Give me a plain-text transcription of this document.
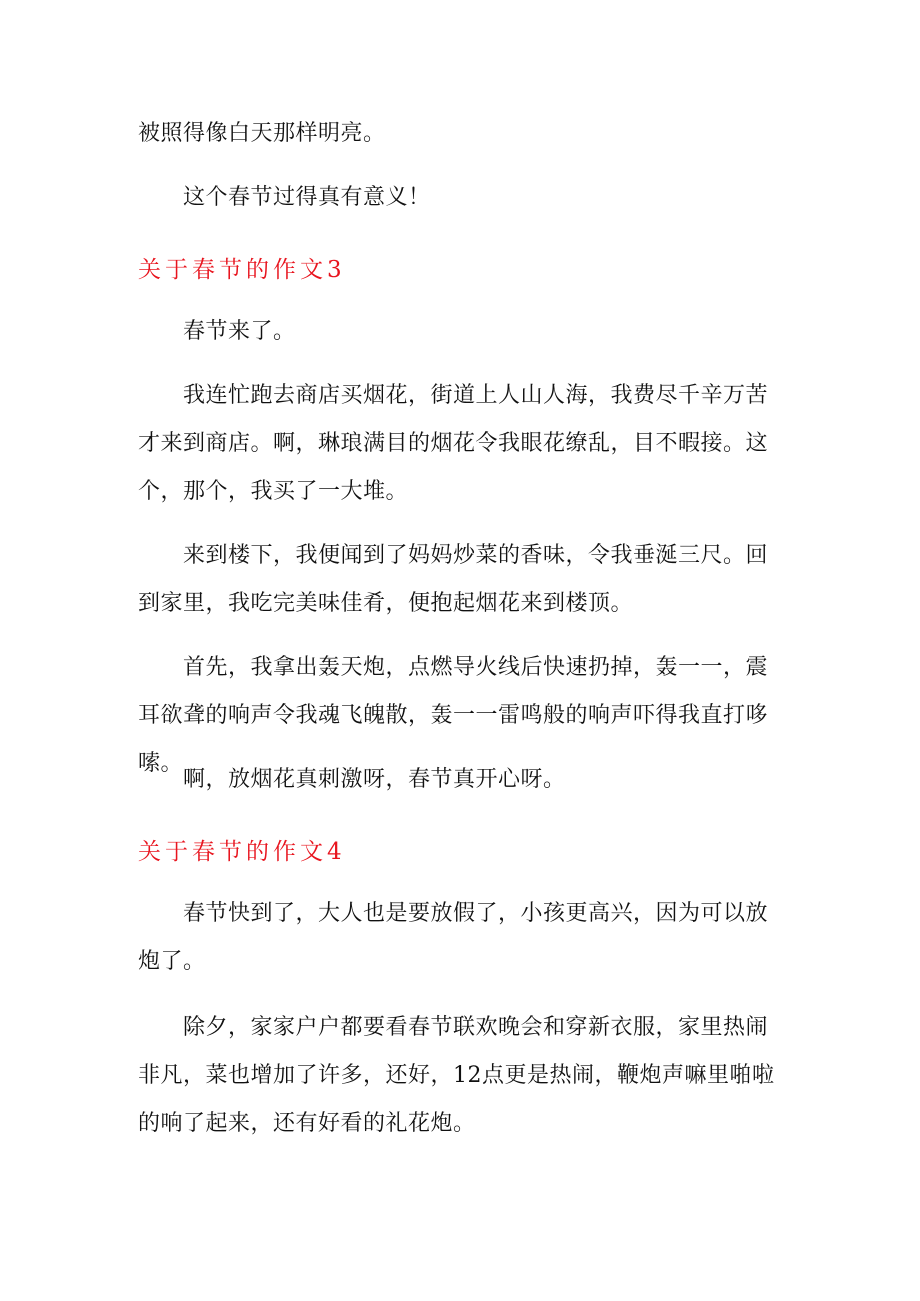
被照得像白天那样明亮。

这个春节过得真有意义！

关于春节的作文3

春节来了。

我连忙跑去商店买烟花，街道上人山人海，我费尽千辛万苦才来到商店。啊，琳琅满目的烟花令我眼花缭乱，目不暇接。这个，那个，我买了一大堆。

来到楼下，我便闻到了妈妈炒菜的香味，令我垂涎三尺。回到家里，我吃完美味佳肴，便抱起烟花来到楼顶。

首先，我拿出轰天炮，点燃导火线后快速扔掉，轰一一，震耳欲聋的响声令我魂飞魄散，轰一一雷鸣般的响声吓得我直打哆嗦。

啊，放烟花真刺激呀，春节真开心呀。

关于春节的作文4

春节快到了，大人也是要放假了，小孩更高兴，因为可以放炮了。

除夕，家家户户都要看春节联欢晚会和穿新衣服，家里热闹非凡，菜也增加了许多，还好，12点更是热闹，鞭炮声嘛里啪啦的响了起来，还有好看的礼花炮。
